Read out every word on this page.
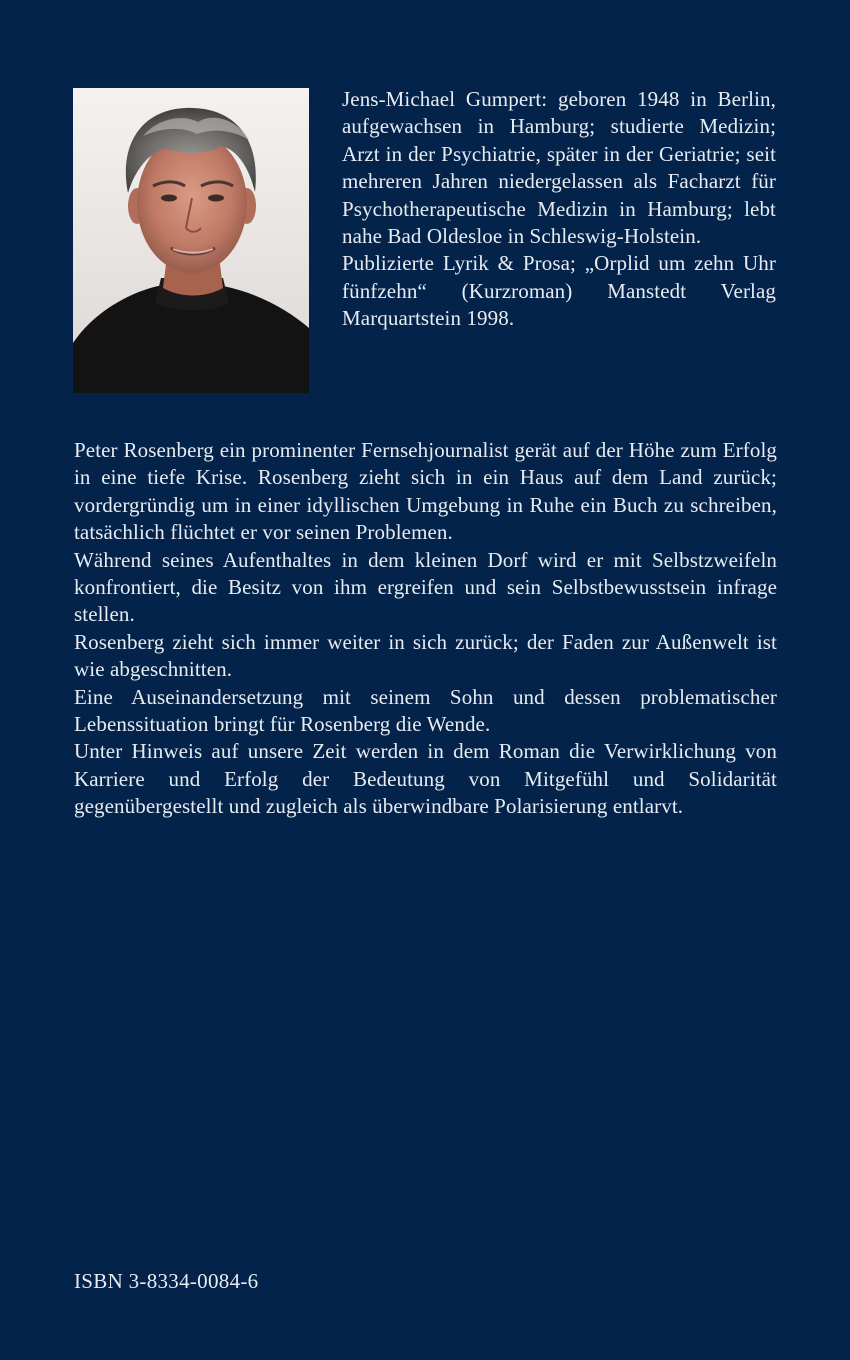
Jens-Michael Gumpert: geboren 1948 in Berlin, aufgewachsen in Hamburg; studierte Medizin; Arzt in der Psychiatrie, später in der Geriatrie; seit mehreren Jahren niedergelassen als Facharzt für Psychotherapeutische Medizin in Hamburg; lebt nahe Bad Oldesloe in Schleswig-Holstein.

Publizierte Lyrik & Prosa; „Orplid um zehn Uhr fünfzehn“ (Kurzroman) Manstedt Verlag Marquartstein 1998.

Peter Rosenberg ein prominenter Fernsehjournalist gerät auf der Höhe zum Erfolg in eine tiefe Krise. Rosenberg zieht sich in ein Haus auf dem Land zurück; vordergründig um in einer idyllischen Umgebung in Ruhe ein Buch zu schreiben, tatsächlich flüchtet er vor seinen Problemen.

Während seines Aufenthaltes in dem kleinen Dorf wird er mit Selbstzweifeln konfrontiert, die Besitz von ihm ergreifen und sein Selbstbewusstsein infrage stellen.

Rosenberg zieht sich immer weiter in sich zurück; der Faden zur Außenwelt ist wie abgeschnitten.

Eine Auseinandersetzung mit seinem Sohn und dessen problematischer Lebenssituation bringt für Rosenberg die Wende.

Unter Hinweis auf unsere Zeit werden in dem Roman die Verwirklichung von Karriere und Erfolg der Bedeutung von Mitgefühl und Solidarität gegenübergestellt und zugleich als überwindbare Polarisierung entlarvt.

ISBN 3-8334-0084-6
